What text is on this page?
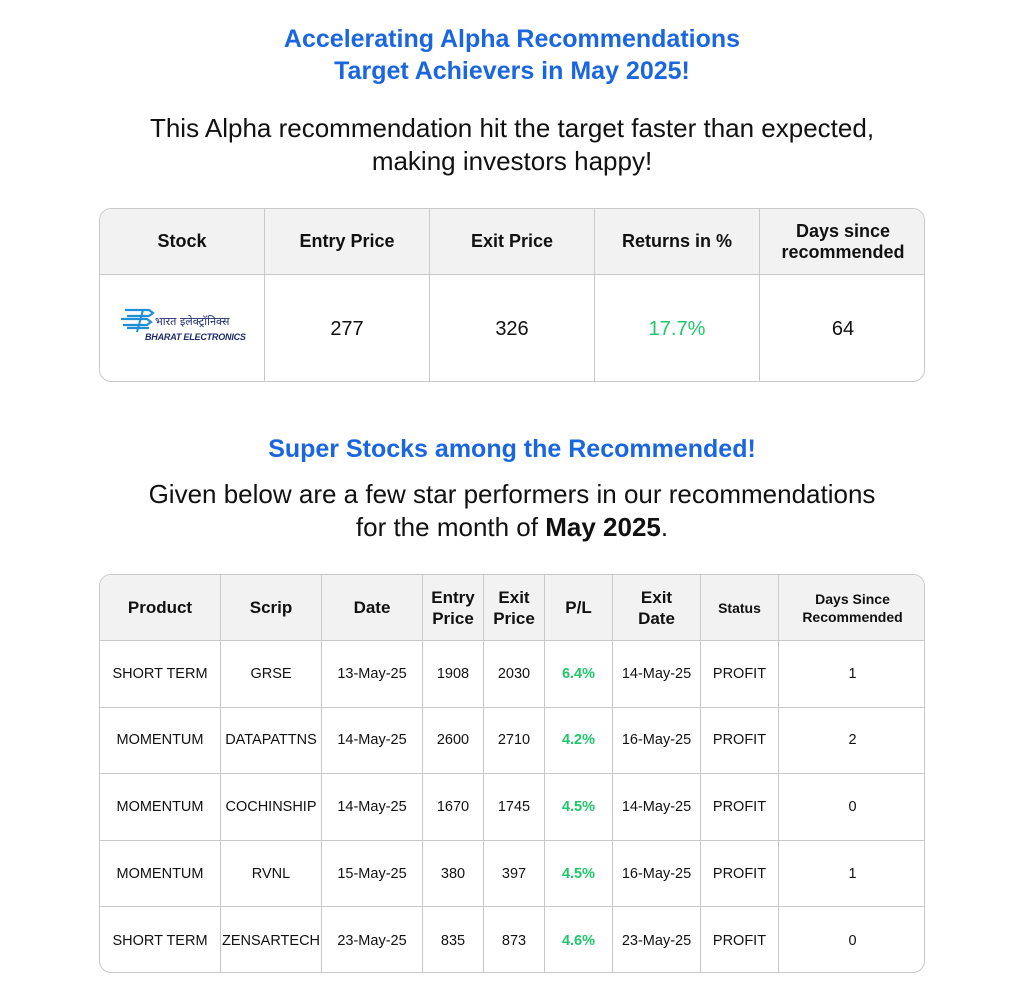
Accelerating Alpha Recommendations
Target Achievers in May 2025!
This Alpha recommendation hit the target faster than expected,
making investors happy!
Stock	Entry Price	Exit Price	Returns in %	Days since recommended

भारत इलेक्ट्रॉनिक्स
BHARAT ELECTRONICS	277	326	17.7%	64
Super Stocks among the Recommended!
Given below are a few star performers in our recommendations
for the month of May 2025.
Product	Scrip	Date	Entry Price	Exit Price	P/L	Exit Date	Status	Days Since Recommended
SHORT TERM	GRSE	13-May-25	1908	2030	6.4%	14-May-25	PROFIT	1
MOMENTUM	DATAPATTNS	14-May-25	2600	2710	4.2%	16-May-25	PROFIT	2
MOMENTUM	COCHINSHIP	14-May-25	1670	1745	4.5%	14-May-25	PROFIT	0
MOMENTUM	RVNL	15-May-25	380	397	4.5%	16-May-25	PROFIT	1
SHORT TERM	ZENSARTECH	23-May-25	835	873	4.6%	23-May-25	PROFIT	0
